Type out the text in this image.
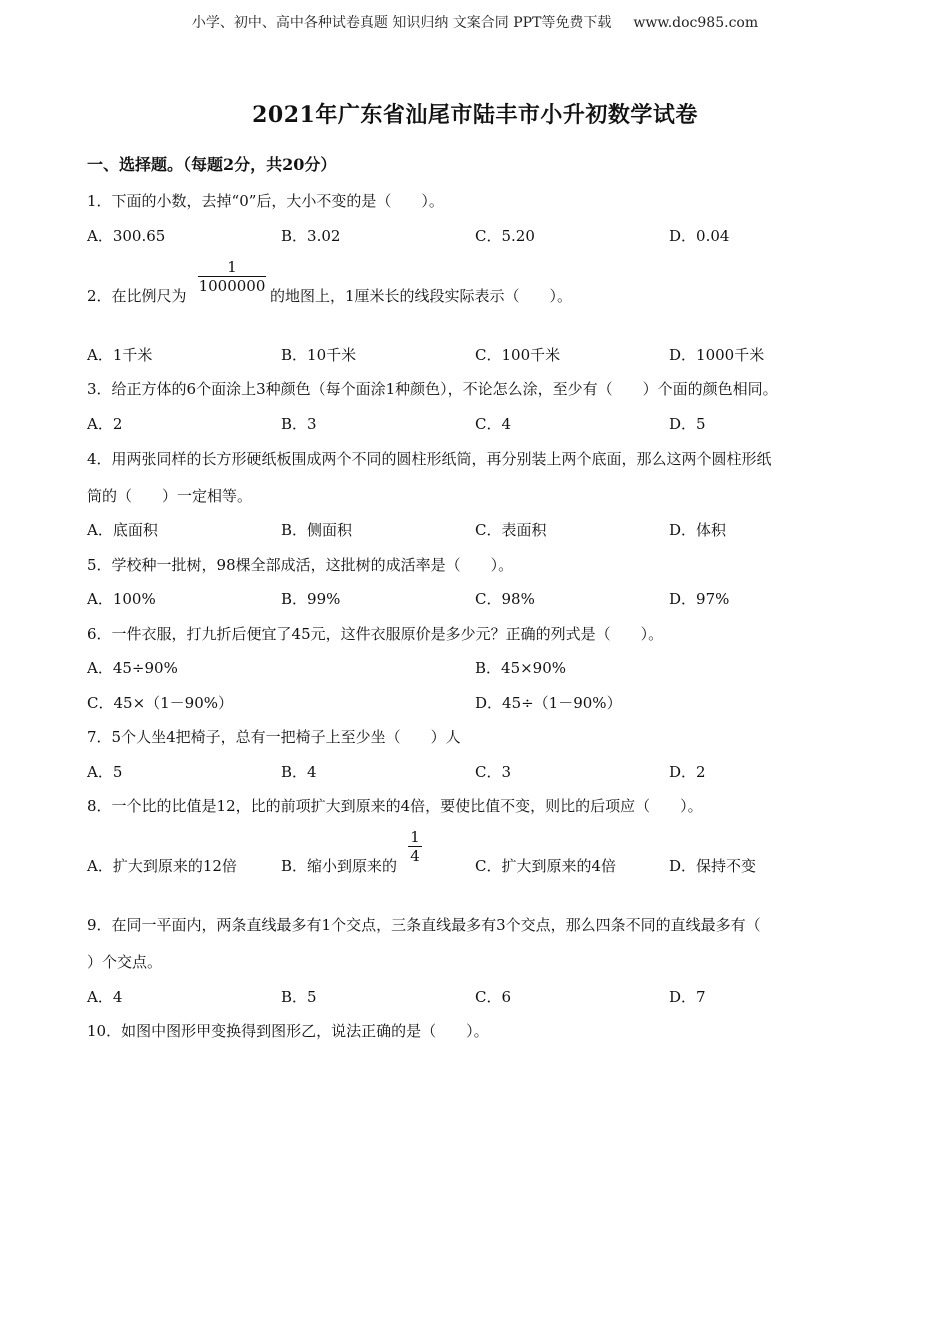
小学、初中、高中各种试卷真题 知识归纳 文案合同 PPT等免费下载 www.doc985.com
2021年广东省汕尾市陆丰市小升初数学试卷
一、选择题。（每题2分，共20分）
1．下面的小数，去掉“0”后，大小不变的是（　　）。
A．300.65	B．3.02	C．5.20	D．0.04
2．在比例尺为
1
1000000
的地图上，1厘米长的线段实际表示（　　）。
A．1千米	B．10千米	C．100千米	D．1000千米
3．给正方体的6个面涂上3种颜色（每个面涂1种颜色），不论怎么涂，至少有（　　）个面的颜色相同。
A．2	B．3	C．4	D．5
4．用两张同样的长方形硬纸板围成两个不同的圆柱形纸筒，再分别装上两个底面，那么这两个圆柱形纸
筒的（　　）一定相等。
A．底面积	B．侧面积	C．表面积	D．体积
5．学校种一批树，98棵全部成活，这批树的成活率是（　　）。
A．100%	B．99%	C．98%	D．97%
6．一件衣服，打九折后便宜了45元，这件衣服原价是多少元？正确的列式是（　　）。
A．45÷90%	B．45×90%
C．45×（1－90%）	D．45÷（1－90%）
7．5个人坐4把椅子，总有一把椅子上至少坐（　　）人
A．5	B．4	C．3	D．2
8．一个比的比值是12，比的前项扩大到原来的4倍，要使比值不变，则比的后项应（　　）。
A．扩大到原来的12倍	B．缩小到原来的
1
4
C．扩大到原来的4倍	D．保持不变
9．在同一平面内，两条直线最多有1个交点，三条直线最多有3个交点，那么四条不同的直线最多有（
）个交点。
A．4	B．5	C．6	D．7
10．如图中图形甲变换得到图形乙，说法正确的是（　　）。
